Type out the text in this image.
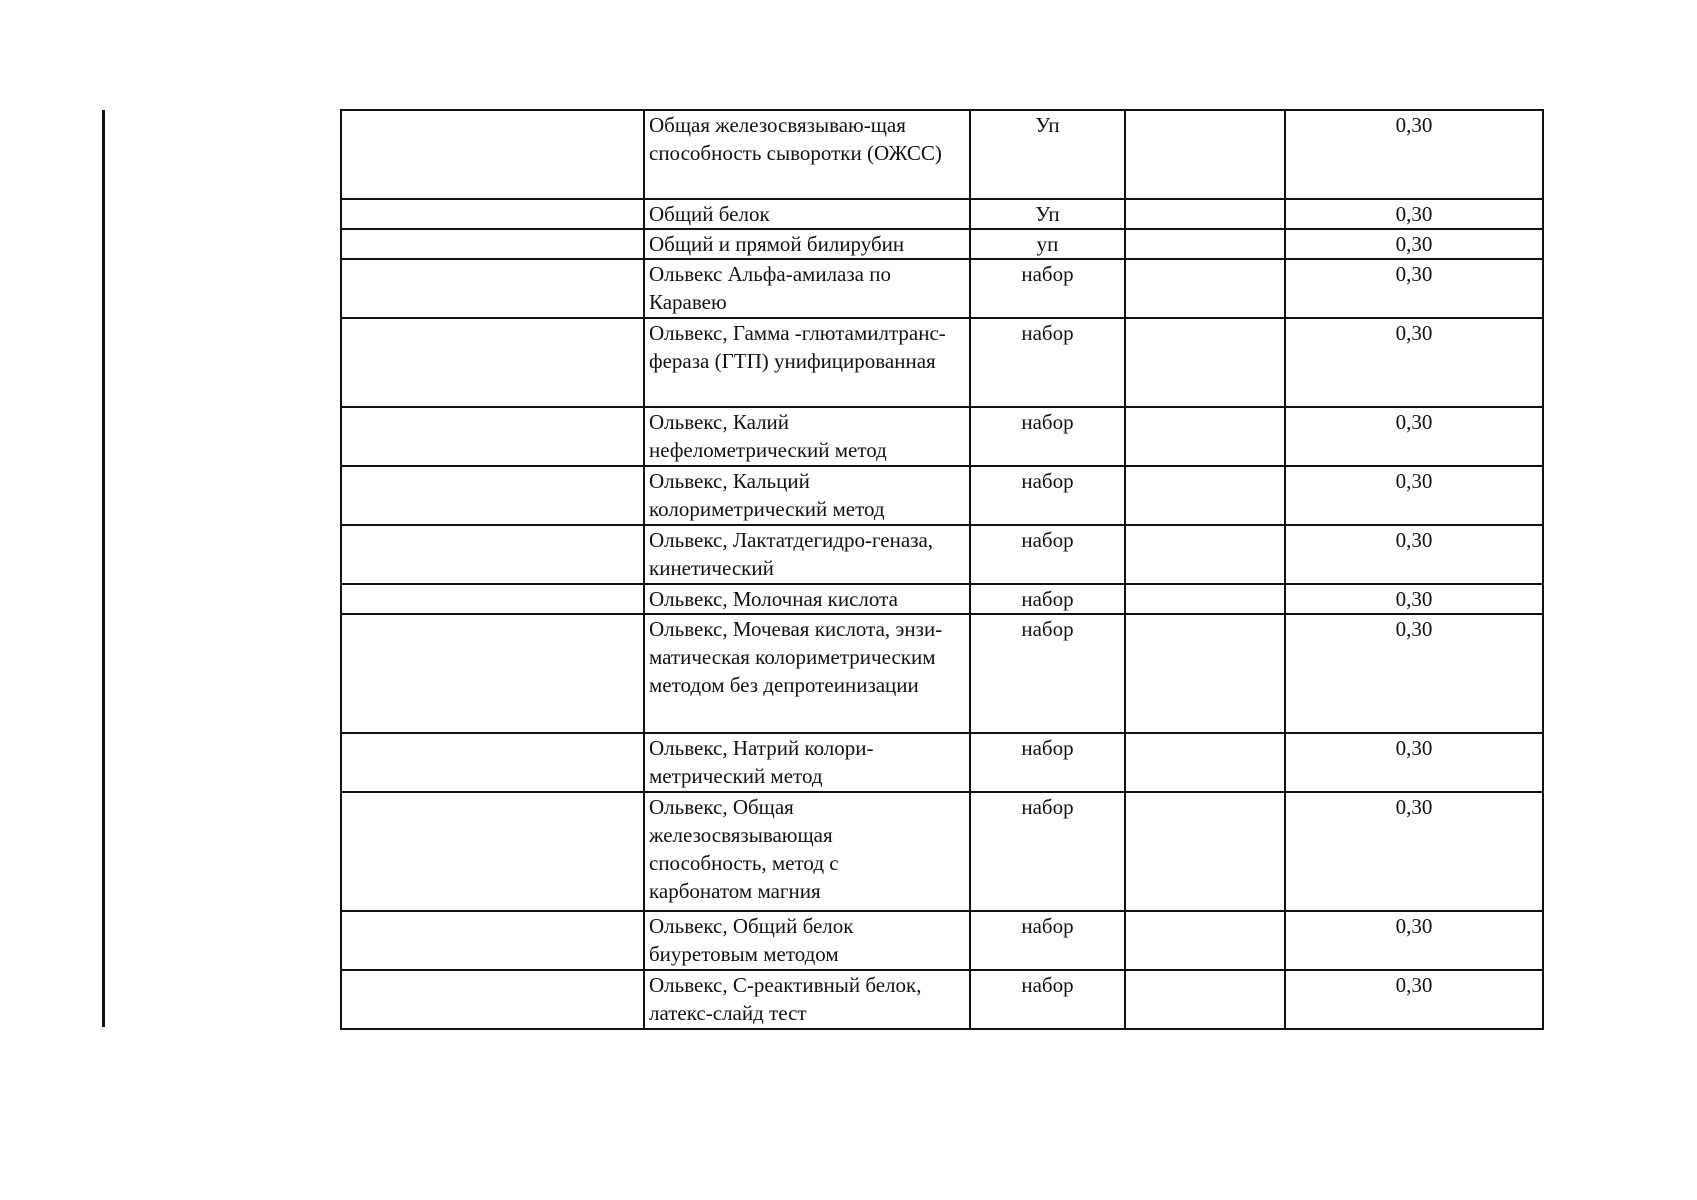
	Общая железосвязываю-щая
способность сыворотки (ОЖСС)	Уп		0,30

	Общий белок	Уп		0,30

	Общий и прямой билирубин	уп		0,30

	Ольвекс Альфа-амилаза по
Каравею	набор		0,30

	Ольвекс, Гамма -глютамилтранс-
фераза (ГТП) унифицированная	набор		0,30

	Ольвекс, Калий
нефелометрический метод	набор		0,30

	Ольвекс, Кальций
колориметрический метод	набор		0,30

	Ольвекс, Лактатдегидро-геназа,
кинетический	набор		0,30

	Ольвекс, Молочная кислота	набор		0,30

	Ольвекс, Мочевая кислота, энзи-
матическая колориметрическим
методом без депротеинизации	набор		0,30

	Ольвекс, Натрий колори-
метрический метод	набор		0,30

	Ольвекс, Общая
железосвязывающая
способность, метод с
карбонатом магния	набор		0,30

	Ольвекс, Общий белок
биуретовым методом	набор		0,30

	Ольвекс, С-реактивный белок,
латекс-слайд тест	набор		0,30
